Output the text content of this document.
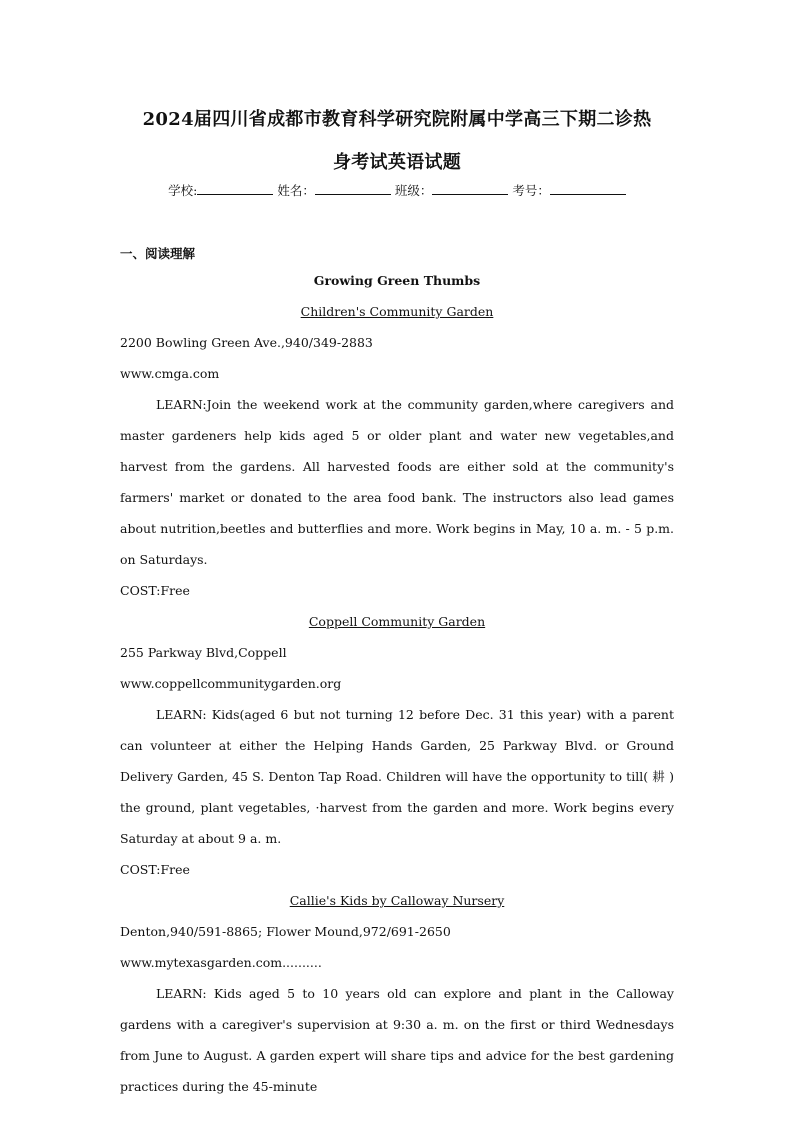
2024届四川省成都市教育科学研究院附属中学高三下期二诊热
身考试英语试题
学校:	姓名：	班级：	考号：
一、阅读理解

Growing Green Thumbs

Children's Community Garden

2200 Bowling Green Ave.,940/349-2883

www.cmga.com

LEARN:Join the weekend work at the community garden,where caregivers and master gardeners help kids aged 5 or older plant and water new vegetables,and harvest from the gardens. All harvested foods are either sold at the community's farmers' market or donated to the area food bank. The instructors also lead games about nutrition,beetles and butterflies and more. Work begins in May, 10 a. m. - 5 p.m. on Saturdays.

COST:Free

Coppell Community Garden

255 Parkway Blvd,Coppell

www.coppellcommunitygarden.org

LEARN: Kids(aged 6 but not turning 12 before Dec. 31 this year) with a parent can volunteer at either the Helping Hands Garden, 25 Parkway Blvd. or Ground Delivery Garden, 45 S. Denton Tap Road. Children will have the opportunity to till( 耕 ) the ground, plant vegetables, ·harvest from the garden and more. Work begins every Saturday at about 9 a. m.

COST:Free

Callie's Kids by Calloway Nursery

Denton,940/591-8865; Flower Mound,972/691-2650

www.mytexasgarden.com..........

LEARN: Kids aged 5 to 10 years old can explore and plant in the Calloway gardens with a caregiver's supervision at 9:30 a. m. on the first or third Wednesdays from June to August. A garden expert will share tips and advice for the best gardening practices during the 45-minute
